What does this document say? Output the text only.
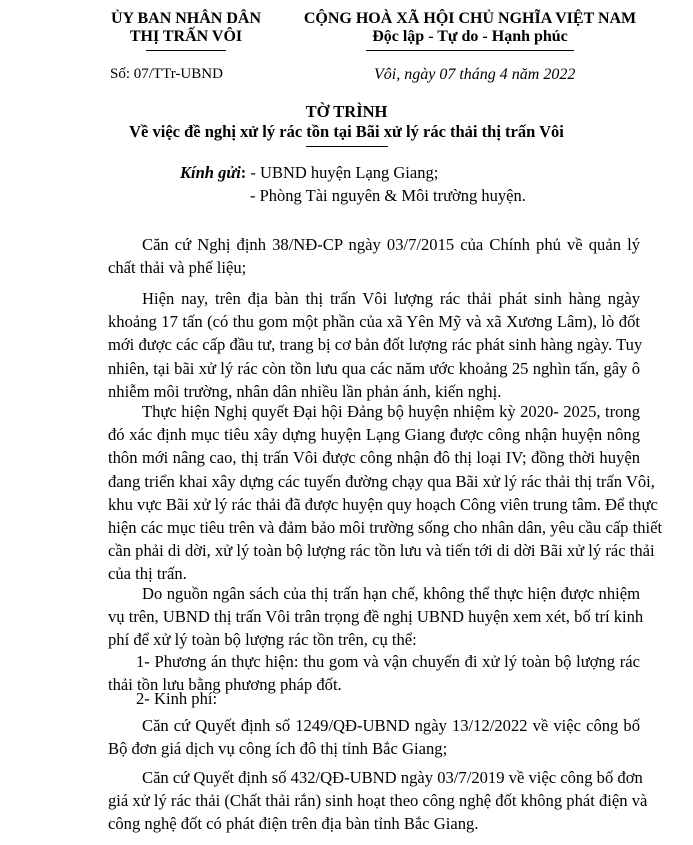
ỦY BAN NHÂN DÂN
THỊ TRẤN VÔI
CỘNG HOÀ XÃ HỘI CHỦ NGHĨA VIỆT NAM
Độc lập - Tự do - Hạnh phúc
Số: 07/TTr-UBND	Vôi, ngày 07 tháng 4 năm 2022
TỜ TRÌNH
Về việc đề nghị xử lý rác tồn tại Bãi xử lý rác thải thị trấn Vôi
Kính gửi: - UBND huyện Lạng Giang;
- Phòng Tài nguyên & Môi trường huyện.
Căn cứ Nghị định 38/NĐ-CP ngày 03/7/2015 của Chính phủ về quản lý
chất thải và phế liệu;
Hiện nay, trên địa bàn thị trấn Vôi lượng rác thải phát sinh hàng ngày
khoảng 17 tấn (có thu gom một phần của xã Yên Mỹ và xã Xương Lâm), lò đốt
mới được các cấp đầu tư, trang bị cơ bản đốt lượng rác phát sinh hàng ngày. Tuy
nhiên, tại bãi xử lý rác còn tồn lưu qua các năm ước khoảng 25 nghìn tấn, gây ô
nhiễm môi trường, nhân dân nhiều lần phản ánh, kiến nghị.
Thực hiện Nghị quyết Đại hội Đảng bộ huyện nhiệm kỳ 2020- 2025, trong
đó xác định mục tiêu xây dựng huyện Lạng Giang được công nhận huyện nông
thôn mới nâng cao, thị trấn Vôi được công nhận đô thị loại IV; đồng thời huyện
đang triển khai xây dựng các tuyến đường chạy qua Bãi xử lý rác thải thị trấn Vôi,
khu vực Bãi xử lý rác thải đã được huyện quy hoạch Công viên trung tâm. Để thực
hiện các mục tiêu trên và đảm bảo môi trường sống cho nhân dân, yêu cầu cấp thiết
cần phải di dời, xử lý toàn bộ lượng rác tồn lưu và tiến tới di dời Bãi xử lý rác thải
của thị trấn.
Do nguồn ngân sách của thị trấn hạn chế, không thể thực hiện được nhiệm
vụ trên, UBND thị trấn Vôi trân trọng đề nghị UBND huyện xem xét, bố trí kinh
phí để xử lý toàn bộ lượng rác tồn trên, cụ thể:
1- Phương án thực hiện: thu gom và vận chuyển đi xử lý toàn bộ lượng rác
thải tồn lưu bằng phương pháp đốt.
2- Kinh phí:
Căn cứ Quyết định số 1249/QĐ-UBND ngày 13/12/2022 về việc công bố
Bộ đơn giá dịch vụ công ích đô thị tỉnh Bắc Giang;
Căn cứ Quyết định số 432/QĐ-UBND ngày 03/7/2019 về việc công bố đơn
giá xử lý rác thải (Chất thải rắn) sinh hoạt theo công nghệ đốt không phát điện và
công nghệ đốt có phát điện trên địa bàn tỉnh Bắc Giang.
